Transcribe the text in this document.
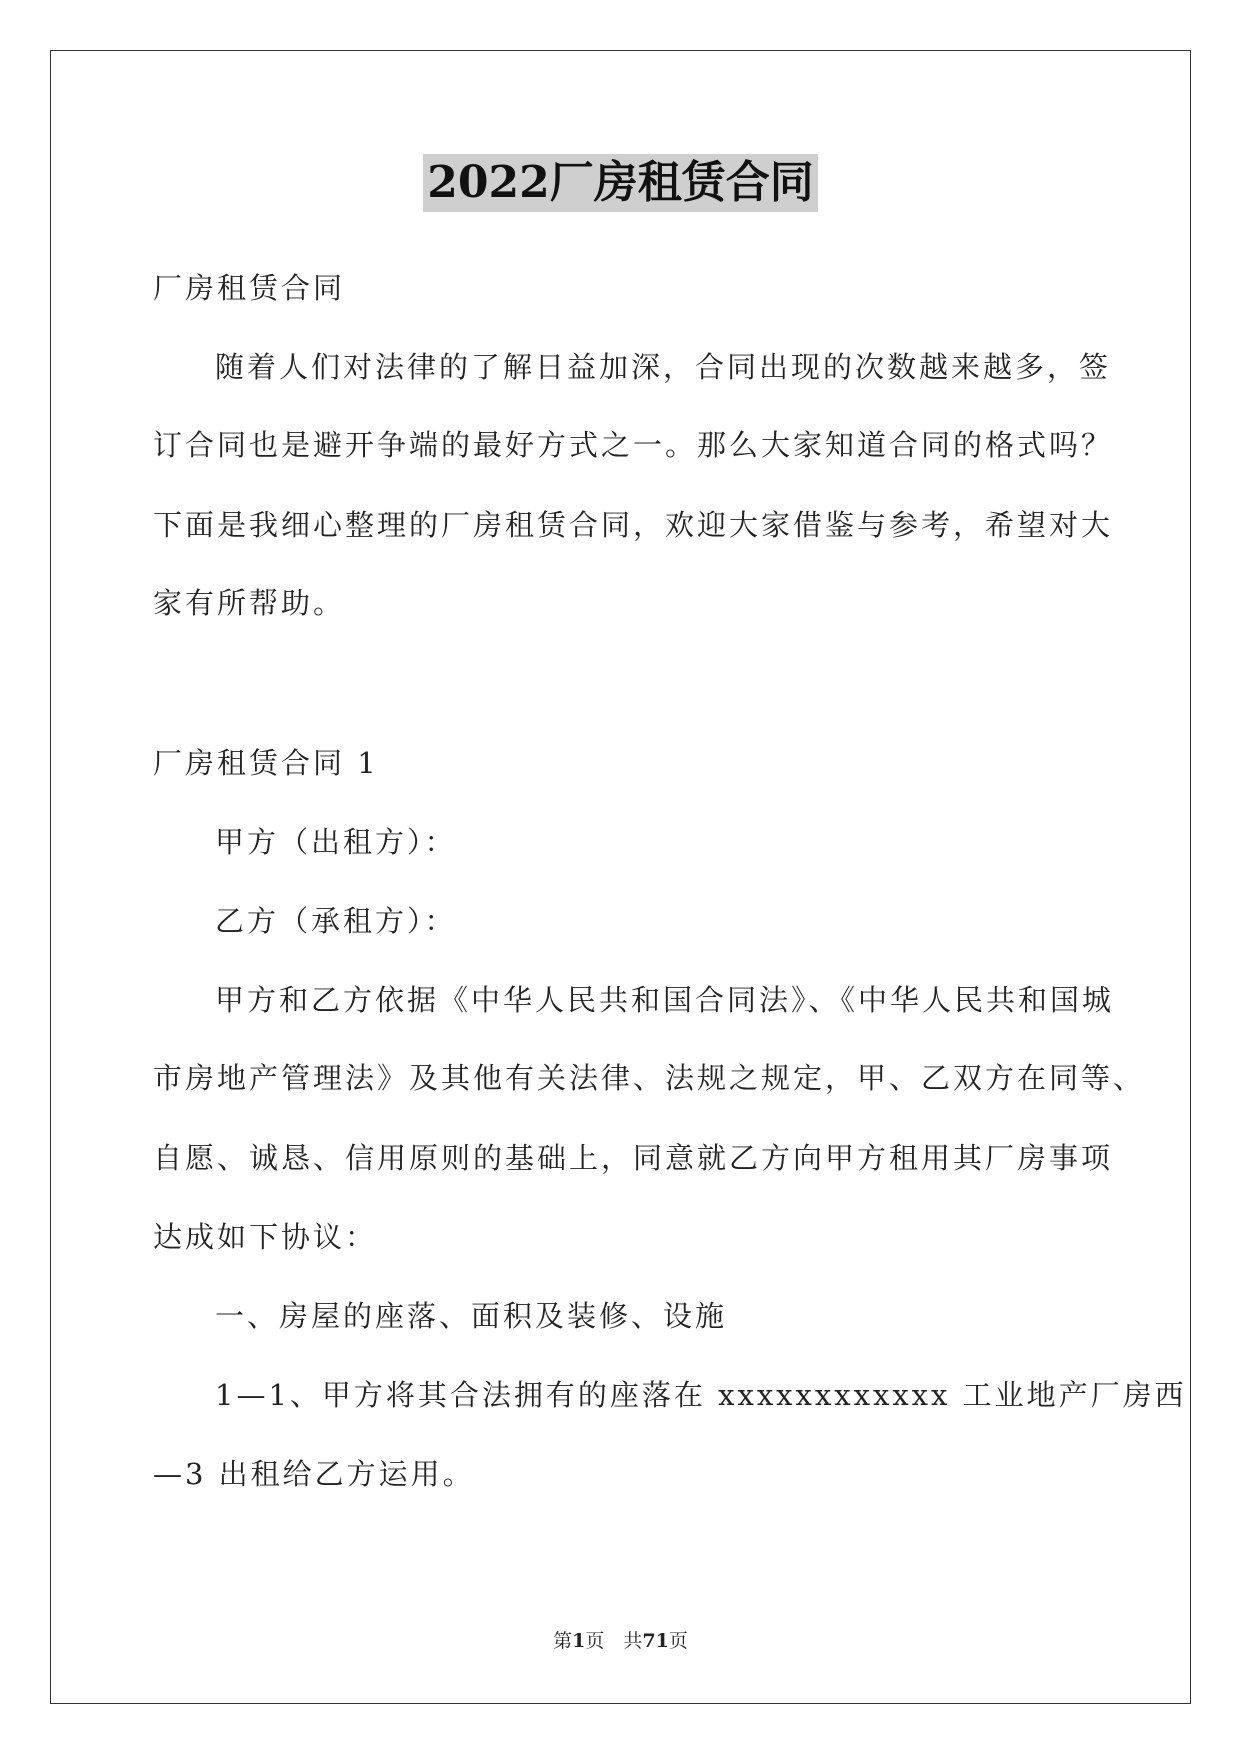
2022厂房租赁合同
厂房租赁合同
随着人们对法律的了解日益加深，合同出现的次数越来越多，签
订合同也是避开争端的最好方式之一。那么大家知道合同的格式吗？
下面是我细心整理的厂房租赁合同，欢迎大家借鉴与参考，希望对大
家有所帮助。
厂房租赁合同 1
甲方（出租方）：
乙方（承租方）：
甲方和乙方依据《中华人民共和国合同法》、《中华人民共和国城
市房地产管理法》及其他有关法律、法规之规定，甲、乙双方在同等、
自愿、诚恳、信用原则的基础上，同意就乙方向甲方租用其厂房事项
达成如下协议：
一、房屋的座落、面积及装修、设施
1—1、甲方将其合法拥有的座落在 xxxxxxxxxxxx 工业地产厂房西
—3 出租给乙方运用。
第1页　共71页
